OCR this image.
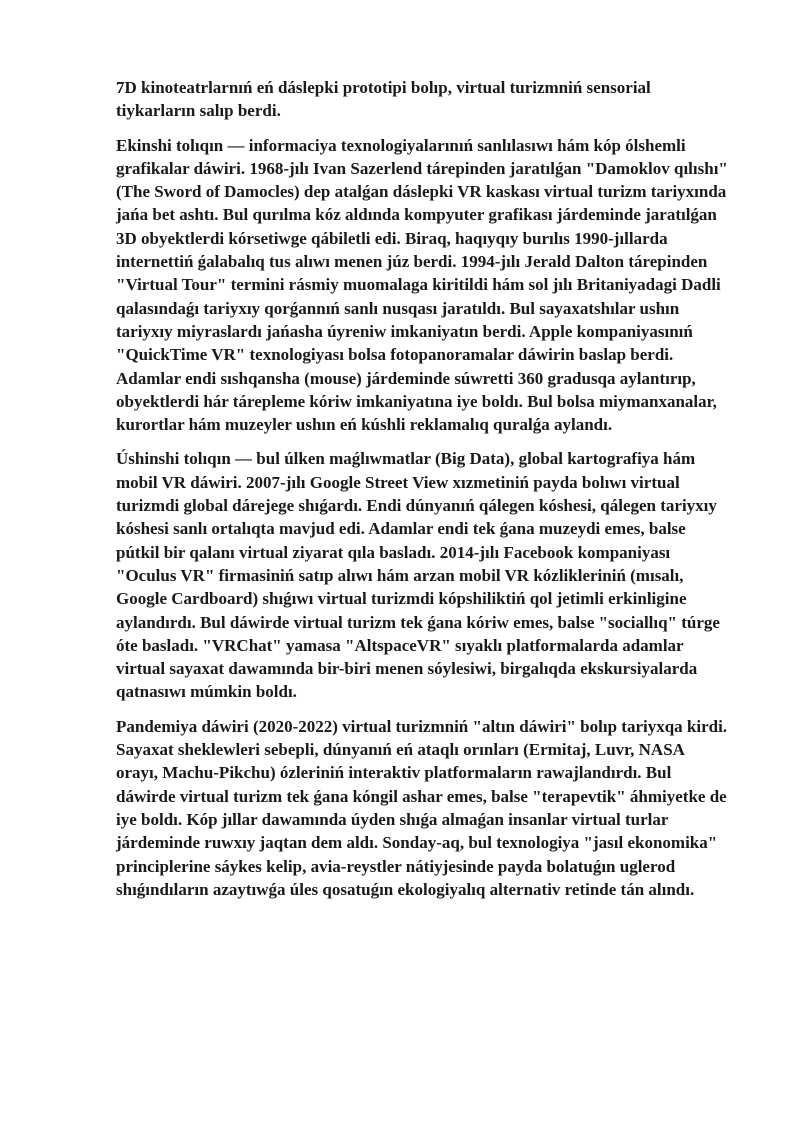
7D kinoteatrlarnıń eń dáslepki prototipi bolıp, virtual turizmniń sensorial tiykarların salıp berdi.

Ekinshi tolıqın — informaciya texnologiyalarınıń sanlılasıwı hám kóp ólshemli grafikalar dáwiri. 1968-jılı Ivan Sazerlend tárepinden jaratılǵan "Damoklov qılıshı" (The Sword of Damocles) dep atalǵan dáslepki VR kaskası virtual turizm tariyxında jańa bet ashtı. Bul qurılma kóz aldında kompyuter grafikası járdeminde jaratılǵan 3D obyektlerdi kórsetiwge qábiletli edi. Biraq, haqıyqıy burılıs 1990-jıllarda internettiń ǵalabalıq tus alıwı menen júz berdi. 1994-jılı Jerald Dalton tárepinden "Virtual Tour" termini rásmiy muomalaga kiritildi hám sol jılı Britaniyadagi Dadli qalasındaǵı tariyxıy qorǵannıń sanlı nusqası jaratıldı. Bul sayaxatshılar ushın tariyxıy miyraslardı jańasha úyreniw imkaniyatın berdi. Apple kompaniyasınıń "QuickTime VR" texnologiyası bolsa fotopanoramalar dáwirin baslap berdi. Adamlar endi sıshqansha (mouse) járdeminde súwretti 360 gradusqa aylantırıp, obyektlerdi hár tárepleme kóriw imkaniyatına iye boldı. Bul bolsa miymanxanalar, kurortlar hám muzeyler ushın eń kúshli reklamalıq quralǵa aylandı.

Úshinshi tolıqın — bul úlken maǵlıwmatlar (Big Data), global kartografiya hám mobil VR dáwiri. 2007-jılı Google Street View xızmetiniń payda bolıwı virtual turizmdi global dárejege shıǵardı. Endi dúnyanıń qálegen kóshesi, qálegen tariyxıy kóshesi sanlı ortalıqta mavjud edi. Adamlar endi tek ǵana muzeydi emes, balse pútkil bir qalanı virtual ziyarat qıla basladı. 2014-jılı Facebook kompaniyası "Oculus VR" firmasiniń satıp alıwı hám arzan mobil VR kózlikleriniń (mısalı, Google Cardboard) shıǵıwı virtual turizmdi kópshiliktiń qol jetimli erkinligine aylandırdı. Bul dáwirde virtual turizm tek ǵana kóriw emes, balse "sociallıq" túrge óte basladı. "VRChat" yamasa "AltspaceVR" sıyaklı platformalarda adamlar virtual sayaxat dawamında bir-biri menen sóylesiwi, birgalıqda ekskursiyalarda qatnasıwı múmkin boldı.

Pandemiya dáwiri (2020-2022) virtual turizmniń "altın dáwiri" bolıp tariyxqa kirdi. Sayaxat sheklewleri sebepli, dúnyanıń eń ataqlı orınları (Ermitaj, Luvr, NASA orayı, Machu-Pikchu) ózleriniń interaktiv platformaların rawajlandırdı. Bul dáwirde virtual turizm tek ǵana kóngil ashar emes, balse "terapevtik" áhmiyetke de iye boldı. Kóp jıllar dawamında úyden shıǵa almaǵan insanlar virtual turlar járdeminde ruwxıy jaqtan dem aldı. Sonday-aq, bul texnologiya "jasıl ekonomika" principlerine sáykes kelip, avia-reystler nátiyjesinde payda bolatuǵın uglerod shıǵındıların azaytıwǵa úles qosatuǵın ekologiyalıq alternativ retinde tán alındı.
